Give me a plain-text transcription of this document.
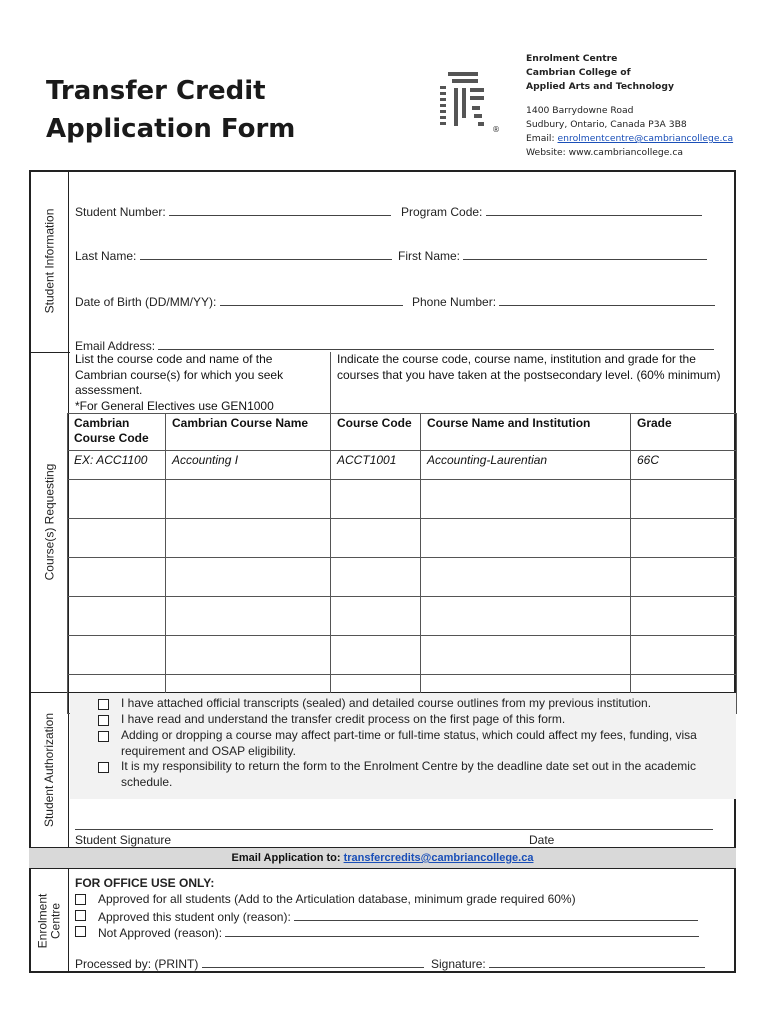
Transfer Credit
Application Form	®
Enrolment Centre
Cambrian College of
Applied Arts and Technology
1400 Barrydowne Road
Sudbury, Ontario, Canada P3A 3B8
Email: enrolmentcentre@cambriancollege.ca
Website: www.cambriancollege.ca
Student Information
Course(s) Requesting
Student Authorization
Enrolment Centre
Student Number:	Program Code:
Last Name:	First Name:
Date of Birth (DD/MM/YY):	Phone Number:
Email Address:
List the course code and name of the Cambrian course(s) for which you seek assessment.
*For General Electives use GEN1000
Indicate the course code, course name, institution and grade for the courses that you have taken at the postsecondary level. (60% minimum)
Cambrian Course Code	Cambrian Course Name	Course Code	Course Name and Institution	Grade
EX: ACC1100	Accounting I	ACCT1001	Accounting-Laurentian	66C

I have attached official transcripts (sealed) and detailed course outlines from my previous institution.
I have read and understand the transfer credit process on the first page of this form.
Adding or dropping a course may affect part-time or full-time status, which could affect my fees, funding, visa requirement and OSAP eligibility.
It is my responsibility to return the form to the Enrolment Centre by the deadline date set out in the academic schedule.
Student Signature	Date
Email Application to: transfercredits@cambriancollege.ca
FOR OFFICE USE ONLY:
Approved for all students (Add to the Articulation database, minimum grade required 60%)
Approved this student only (reason):
Not Approved (reason):
Processed by: (PRINT)	Signature:
